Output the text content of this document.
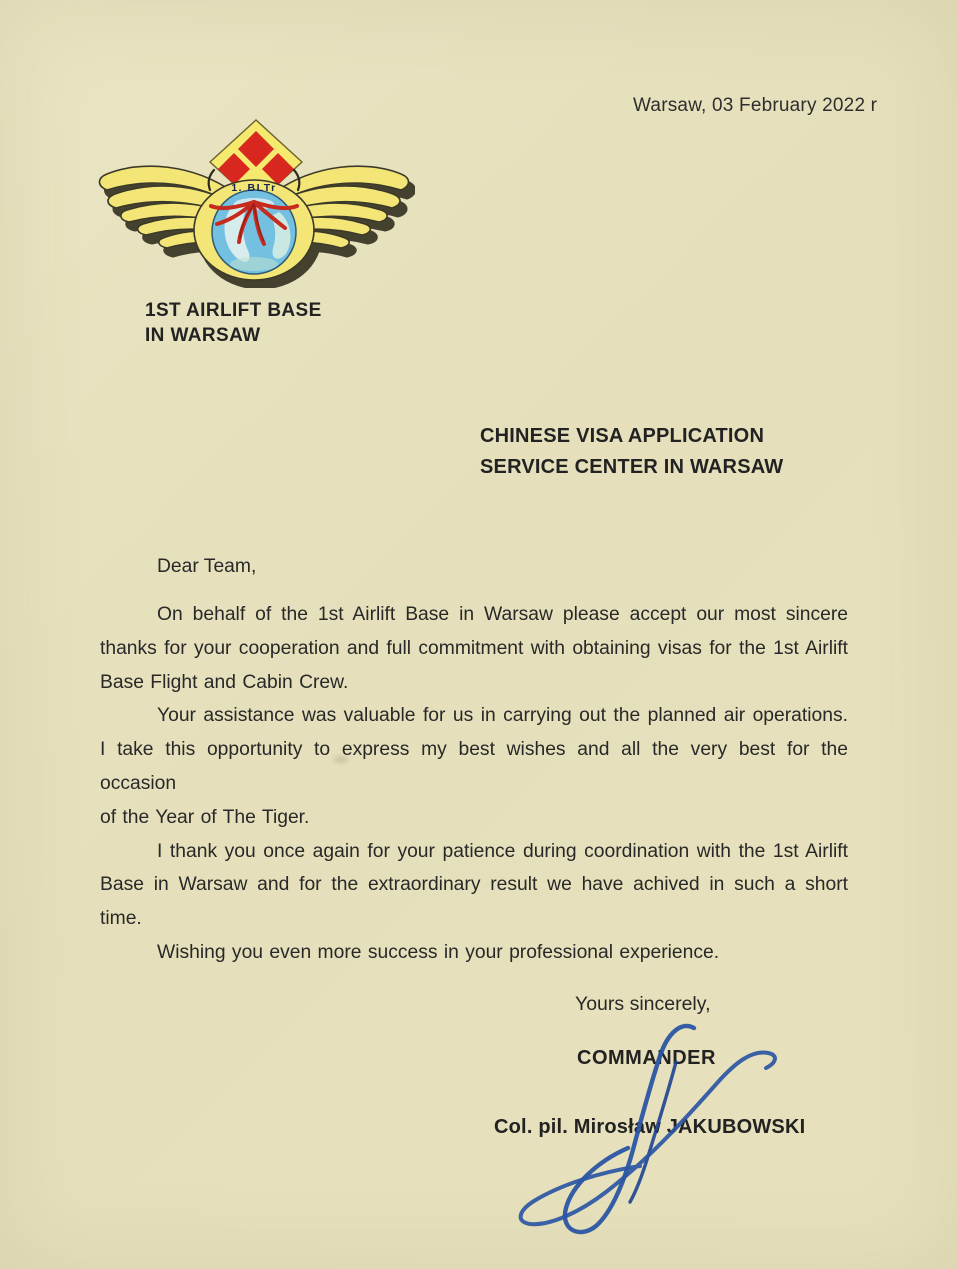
Warsaw, 03 February 2022 r
1. BLTr
1ST AIRLIFT BASE
IN WARSAW
CHINESE VISA APPLICATION
SERVICE CENTER IN WARSAW
Dear Team,

On behalf of the 1st Airlift Base in Warsaw please accept our most sincere
thanks for your cooperation and full commitment with obtaining visas for the 1st Airlift
Base Flight and Cabin Crew.

Your assistance was valuable for us in carrying out the planned air operations.
I take this opportunity to express my best wishes and all the very best for the occasion
of the Year of The Tiger.

I thank you once again for your patience during coordination with the 1st Airlift
Base in Warsaw and for the extraordinary result we have achived in such a short time.

Wishing you even more success in your professional experience.

Yours sincerely,
COMMANDER
Col. pil. Mirosław JAKUBOWSKI
